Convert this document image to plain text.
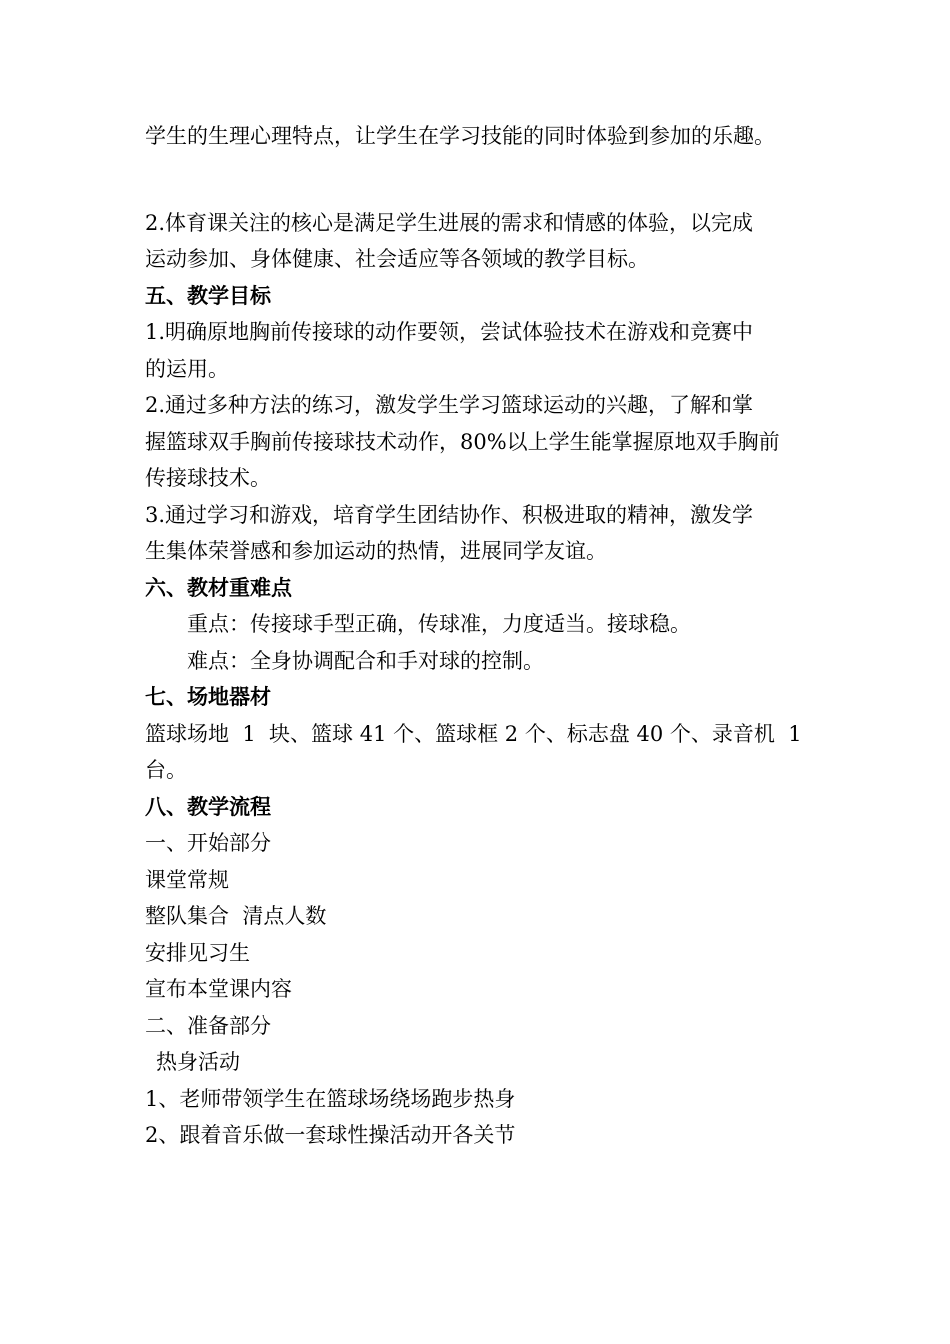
学生的生理心理特点，让学生在学习技能的同时体验到参加的乐趣。
2.体育课关注的核心是满足学生进展的需求和情感的体验，以完成
运动参加、身体健康、社会适应等各领域的教学目标。
五、教学目标
1.明确原地胸前传接球的动作要领，尝试体验技术在游戏和竞赛中
的运用。
2.通过多种方法的练习，激发学生学习篮球运动的兴趣，了解和掌
握篮球双手胸前传接球技术动作，80%以上学生能掌握原地双手胸前
传接球技术。
3.通过学习和游戏，培育学生团结协作、积极进取的精神，激发学
生集体荣誉感和参加运动的热情，进展同学友谊。
六、教材重难点
重点：传接球手型正确，传球准，力度适当。接球稳。
难点：全身协调配合和手对球的控制。
七、场地器材
篮球场地  1  块、篮球 41 个、篮球框 2 个、标志盘 40 个、录音机  1
台。
八、教学流程
一、开始部分
课堂常规
整队集合  清点人数
安排见习生
宣布本堂课内容
二、准备部分
热身活动
1、老师带领学生在篮球场绕场跑步热身
2、跟着音乐做一套球性操活动开各关节
